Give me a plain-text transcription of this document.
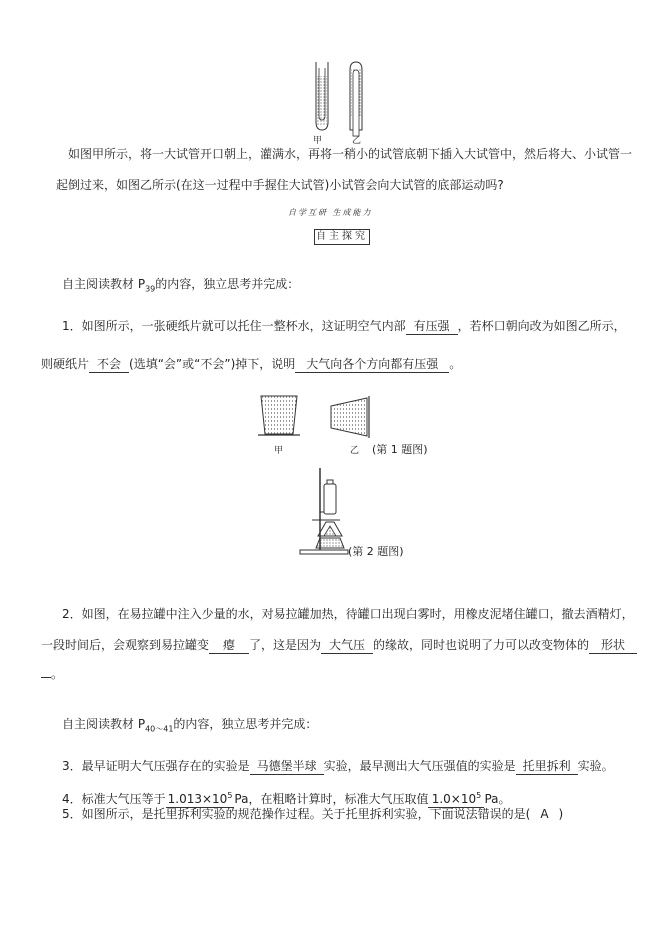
甲	乙
如图甲所示，将一大试管开口朝上，灌满水，再将一稍小的试管底朝下插入大试管中，然后将大、小试管一
起倒过来，如图乙所示(在这一过程中手握住大试管)小试管会向大试管的底部运动吗?
自学互研 生成能力
自主探究
自主阅读教材 $P_{39}$的内容，独立思考并完成：
1．如图所示，一张硬纸片就可以托住一整杯水，这证明空气内部 有压强 ，若杯口朝向改为如图乙所示，
则硬纸片 不会 (选填“会”或“不会”)掉下，说明 大气向各个方向都有压强 。
甲	乙 (第 1 题图)
(第 2 题图)
2．如图，在易拉罐中注入少量的水，对易拉罐加热，待罐口出现白雾时，用橡皮泥堵住罐口，撤去酒精灯，
一段时间后，会观察到易拉罐变 瘪 了，这是因为 大气压 的缘故，同时也说明了力可以改变物体的 形状
。
自主阅读教材 $P_{40\sim 41}$的内容，独立思考并完成：
3．最早证明大气压强存在的实验是 马德堡半球 实验，最早测出大气压强值的实验是 托里拆利 实验。
4．标准大气压等于 $1.013\times 10^5$ Pa，在粗略计算时，标准大气压取值 $1.0\times 10^5$ Pa。
5．如图所示，是托里拆利实验的规范操作过程。关于托里拆利实验，下面说法错误的是( A )
